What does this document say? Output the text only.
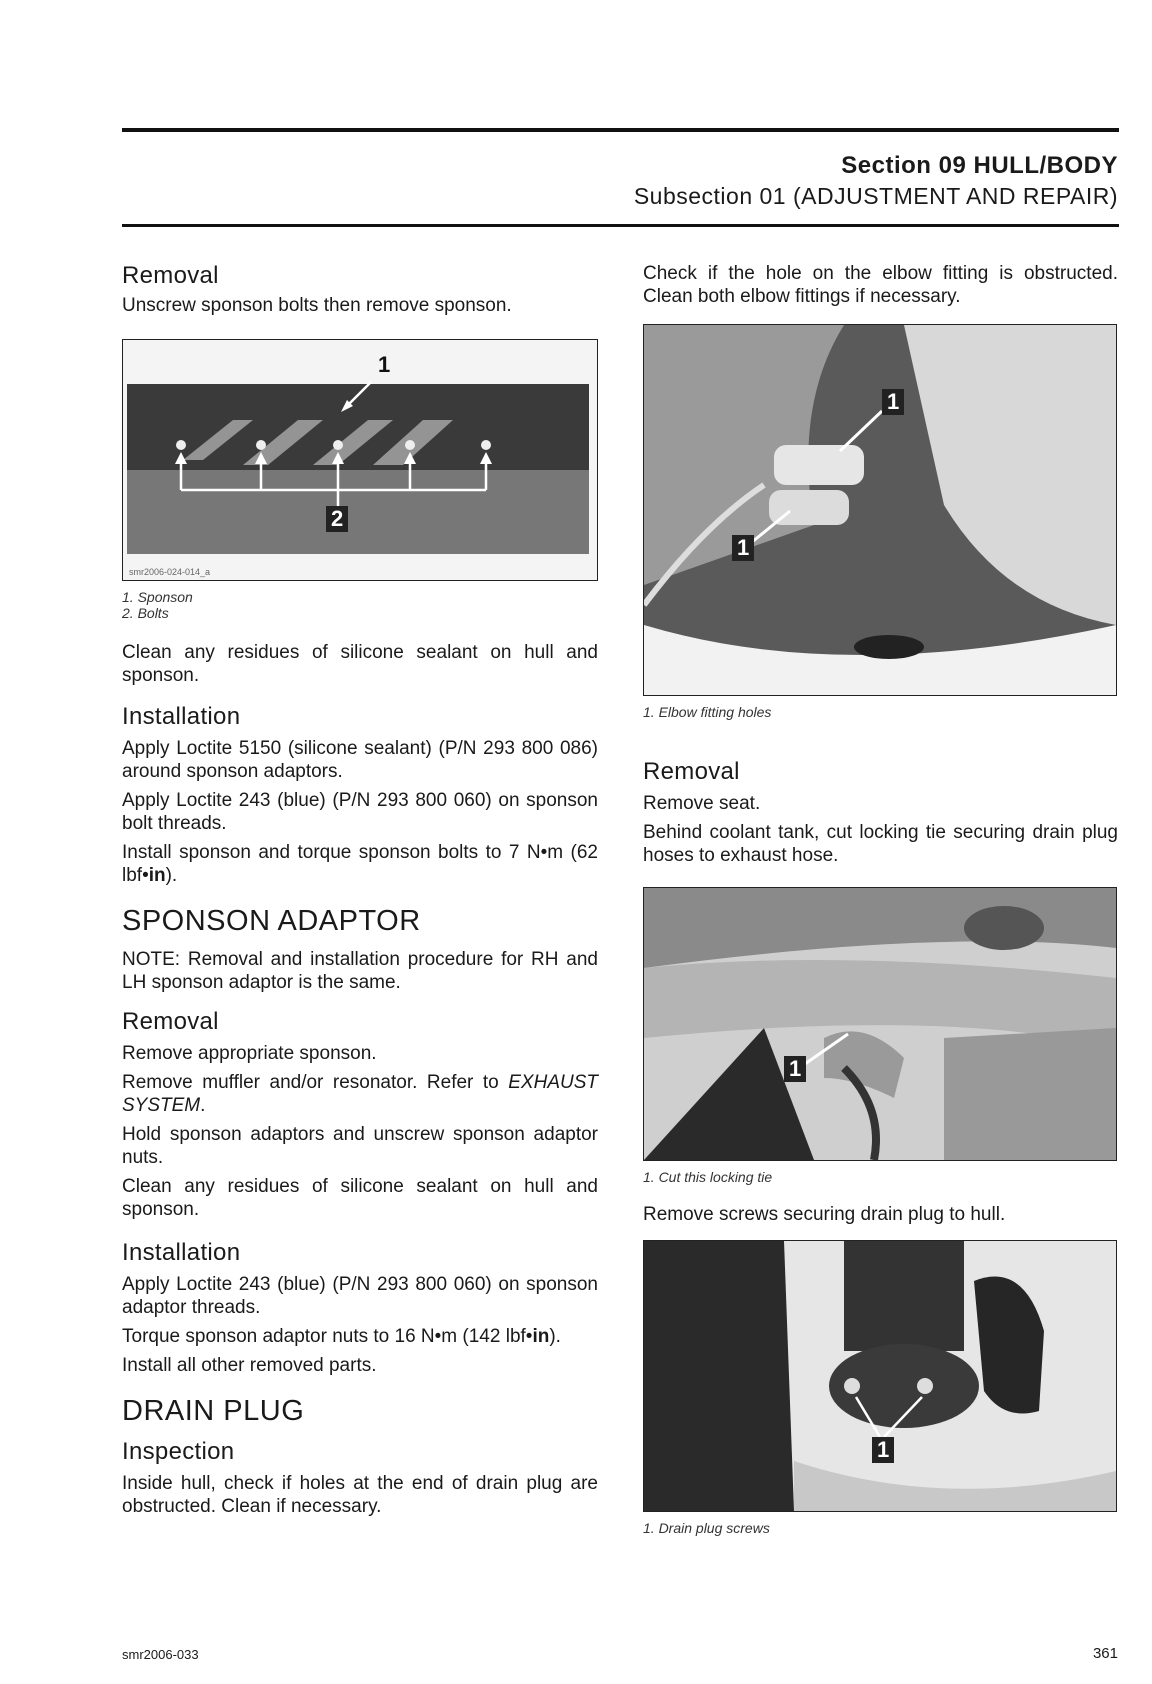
Section 09 HULL/BODY
Subsection 01 (ADJUSTMENT AND REPAIR)
Removal

Unscrew sponson bolts then remove sponson.

1
2
smr2006-024-014_a
1. Sponson
2. Bolts

Clean any residues of silicone sealant on hull and sponson.

Installation

Apply Loctite 5150 (silicone sealant) (P/N 293 800 086) around sponson adaptors.

Apply Loctite 243 (blue) (P/N 293 800 060) on sponson bolt threads.

Install sponson and torque sponson bolts to 7 N•m (62 lbf•in).

SPONSON ADAPTOR

NOTE: Removal and installation procedure for RH and LH sponson adaptor is the same.

Removal

Remove appropriate sponson.

Remove muffler and/or resonator. Refer to EXHAUST SYSTEM.

Hold sponson adaptors and unscrew sponson adaptor nuts.

Clean any residues of silicone sealant on hull and sponson.

Installation

Apply Loctite 243 (blue) (P/N 293 800 060) on sponson adaptor threads.

Torque sponson adaptor nuts to 16 N•m (142 lbf•in).

Install all other removed parts.

DRAIN PLUG
Inspection

Inside hull, check if holes at the end of drain plug are obstructed. Clean if necessary.

Check if the hole on the elbow fitting is obstructed. Clean both elbow fittings if necessary.

1
1
1. Elbow fitting holes
Removal

Remove seat.

Behind coolant tank, cut locking tie securing drain plug hoses to exhaust hose.

1
1. Cut this locking tie

Remove screws securing drain plug to hull.

1
1. Drain plug screws
smr2006-033	361
